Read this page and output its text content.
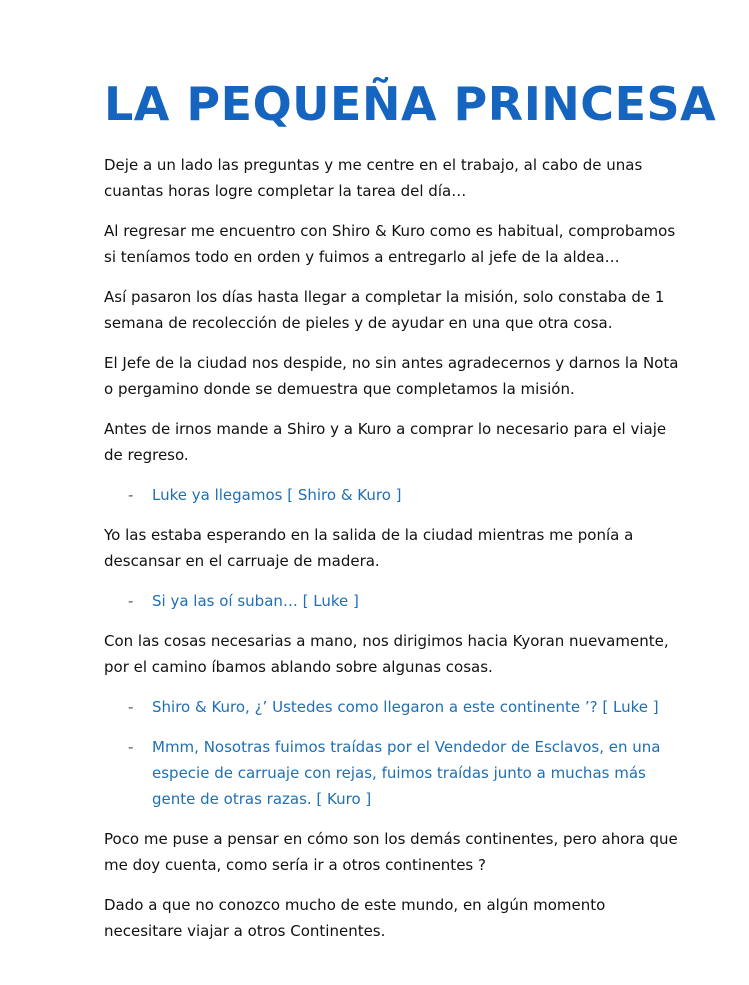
LA PEQUEÑA PRINCESA

Deje a un lado las preguntas y me centre en el trabajo, al cabo de unas cuantas horas logre completar la tarea del día…

Al regresar me encuentro con Shiro & Kuro como es habitual, comprobamos si teníamos todo en orden y fuimos a entregarlo al jefe de la aldea…

Así pasaron los días hasta llegar a completar la misión, solo constaba de 1 semana de recolección de pieles y de ayudar en una que otra cosa.

El Jefe de la ciudad nos despide, no sin antes agradecernos y darnos la Nota o pergamino donde se demuestra que completamos la misión.

Antes de irnos mande a Shiro y a Kuro a comprar lo necesario para el viaje de regreso.

- Luke ya llegamos [ Shiro & Kuro ]

Yo las estaba esperando en la salida de la ciudad mientras me ponía a descansar en el carruaje de madera.

- Si ya las oí suban… [ Luke ]

Con las cosas necesarias a mano, nos dirigimos hacia Kyoran nuevamente, por el camino íbamos ablando sobre algunas cosas.

- Shiro & Kuro, ¿’ Ustedes como llegaron a este continente ’? [ Luke ]
- Mmm, Nosotras fuimos traídas por el Vendedor de Esclavos, en una especie de carruaje con rejas, fuimos traídas junto a muchas más gente de otras razas. [ Kuro ]

Poco me puse a pensar en cómo son los demás continentes, pero ahora que me doy cuenta, como sería ir a otros continentes ?

Dado a que no conozco mucho de este mundo, en algún momento necesitare viajar a otros Continentes.
